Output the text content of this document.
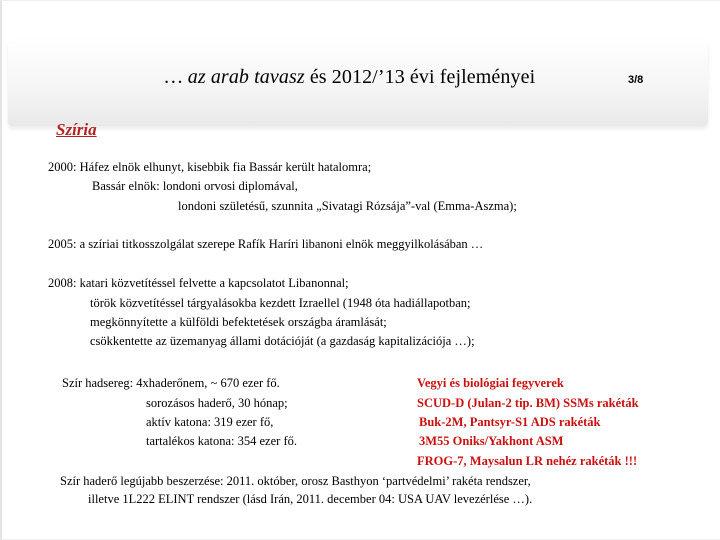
… az arab tavasz és 2012/’13 évi fejleményei	3/8
Szíria
2000: Háfez elnök elhunyt, kisebbik fia Bassár került hatalomra;
Bassár elnök: londoni orvosi diplomával,
londoni születésű, szunnita „Sivatagi Rózsája”-val (Emma-Aszma);
2005: a szíriai titkosszolgálat szerepe Rafík Haríri libanoni elnök meggyilkolásában …
2008: katari közvetítéssel felvette a kapcsolatot Libanonnal;
török közvetítéssel tárgyalásokba kezdett Izraellel (1948 óta hadiállapotban;
megkönnyítette a külföldi befektetések országba áramlását;
csökkentette az üzemanyag állami dotációját (a gazdaság kapitalizációja …);
Szír hadsereg: 4xhaderőnem, ~ 670 ezer fő.
sorozásos haderő, 30 hónap;
aktív katona: 319 ezer fő,
tartalékos katona: 354 ezer fő.
Vegyi és biológiai fegyverek
SCUD-D (Julan-2 tip. BM) SSMs rakéták
Buk-2M, Pantsyr-S1 ADS rakéták
3M55 Oniks/Yakhont ASM
FROG-7, Maysalun LR nehéz rakéták !!!
Szír haderő legújabb beszerzése: 2011. október, orosz Basthyon ‘partvédelmi’ rakéta rendszer,
illetve 1L222 ELINT rendszer (lásd Irán, 2011. december 04: USA UAV levezérlése …).
